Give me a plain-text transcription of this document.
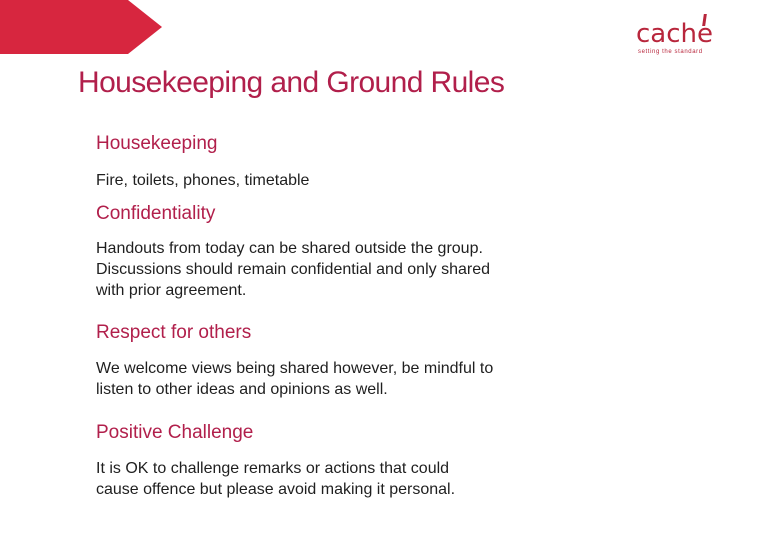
cache
setting the standard
Housekeeping and Ground Rules
Housekeeping

Fire, toilets, phones, timetable

Confidentiality

Handouts from today can be shared outside the group.

Discussions should remain confidential and only shared

with prior agreement.

Respect for others

We welcome views being shared however, be mindful to

listen to other ideas and opinions as well.

Positive Challenge

It is OK to challenge remarks or actions that could

cause offence but please avoid making it personal.
